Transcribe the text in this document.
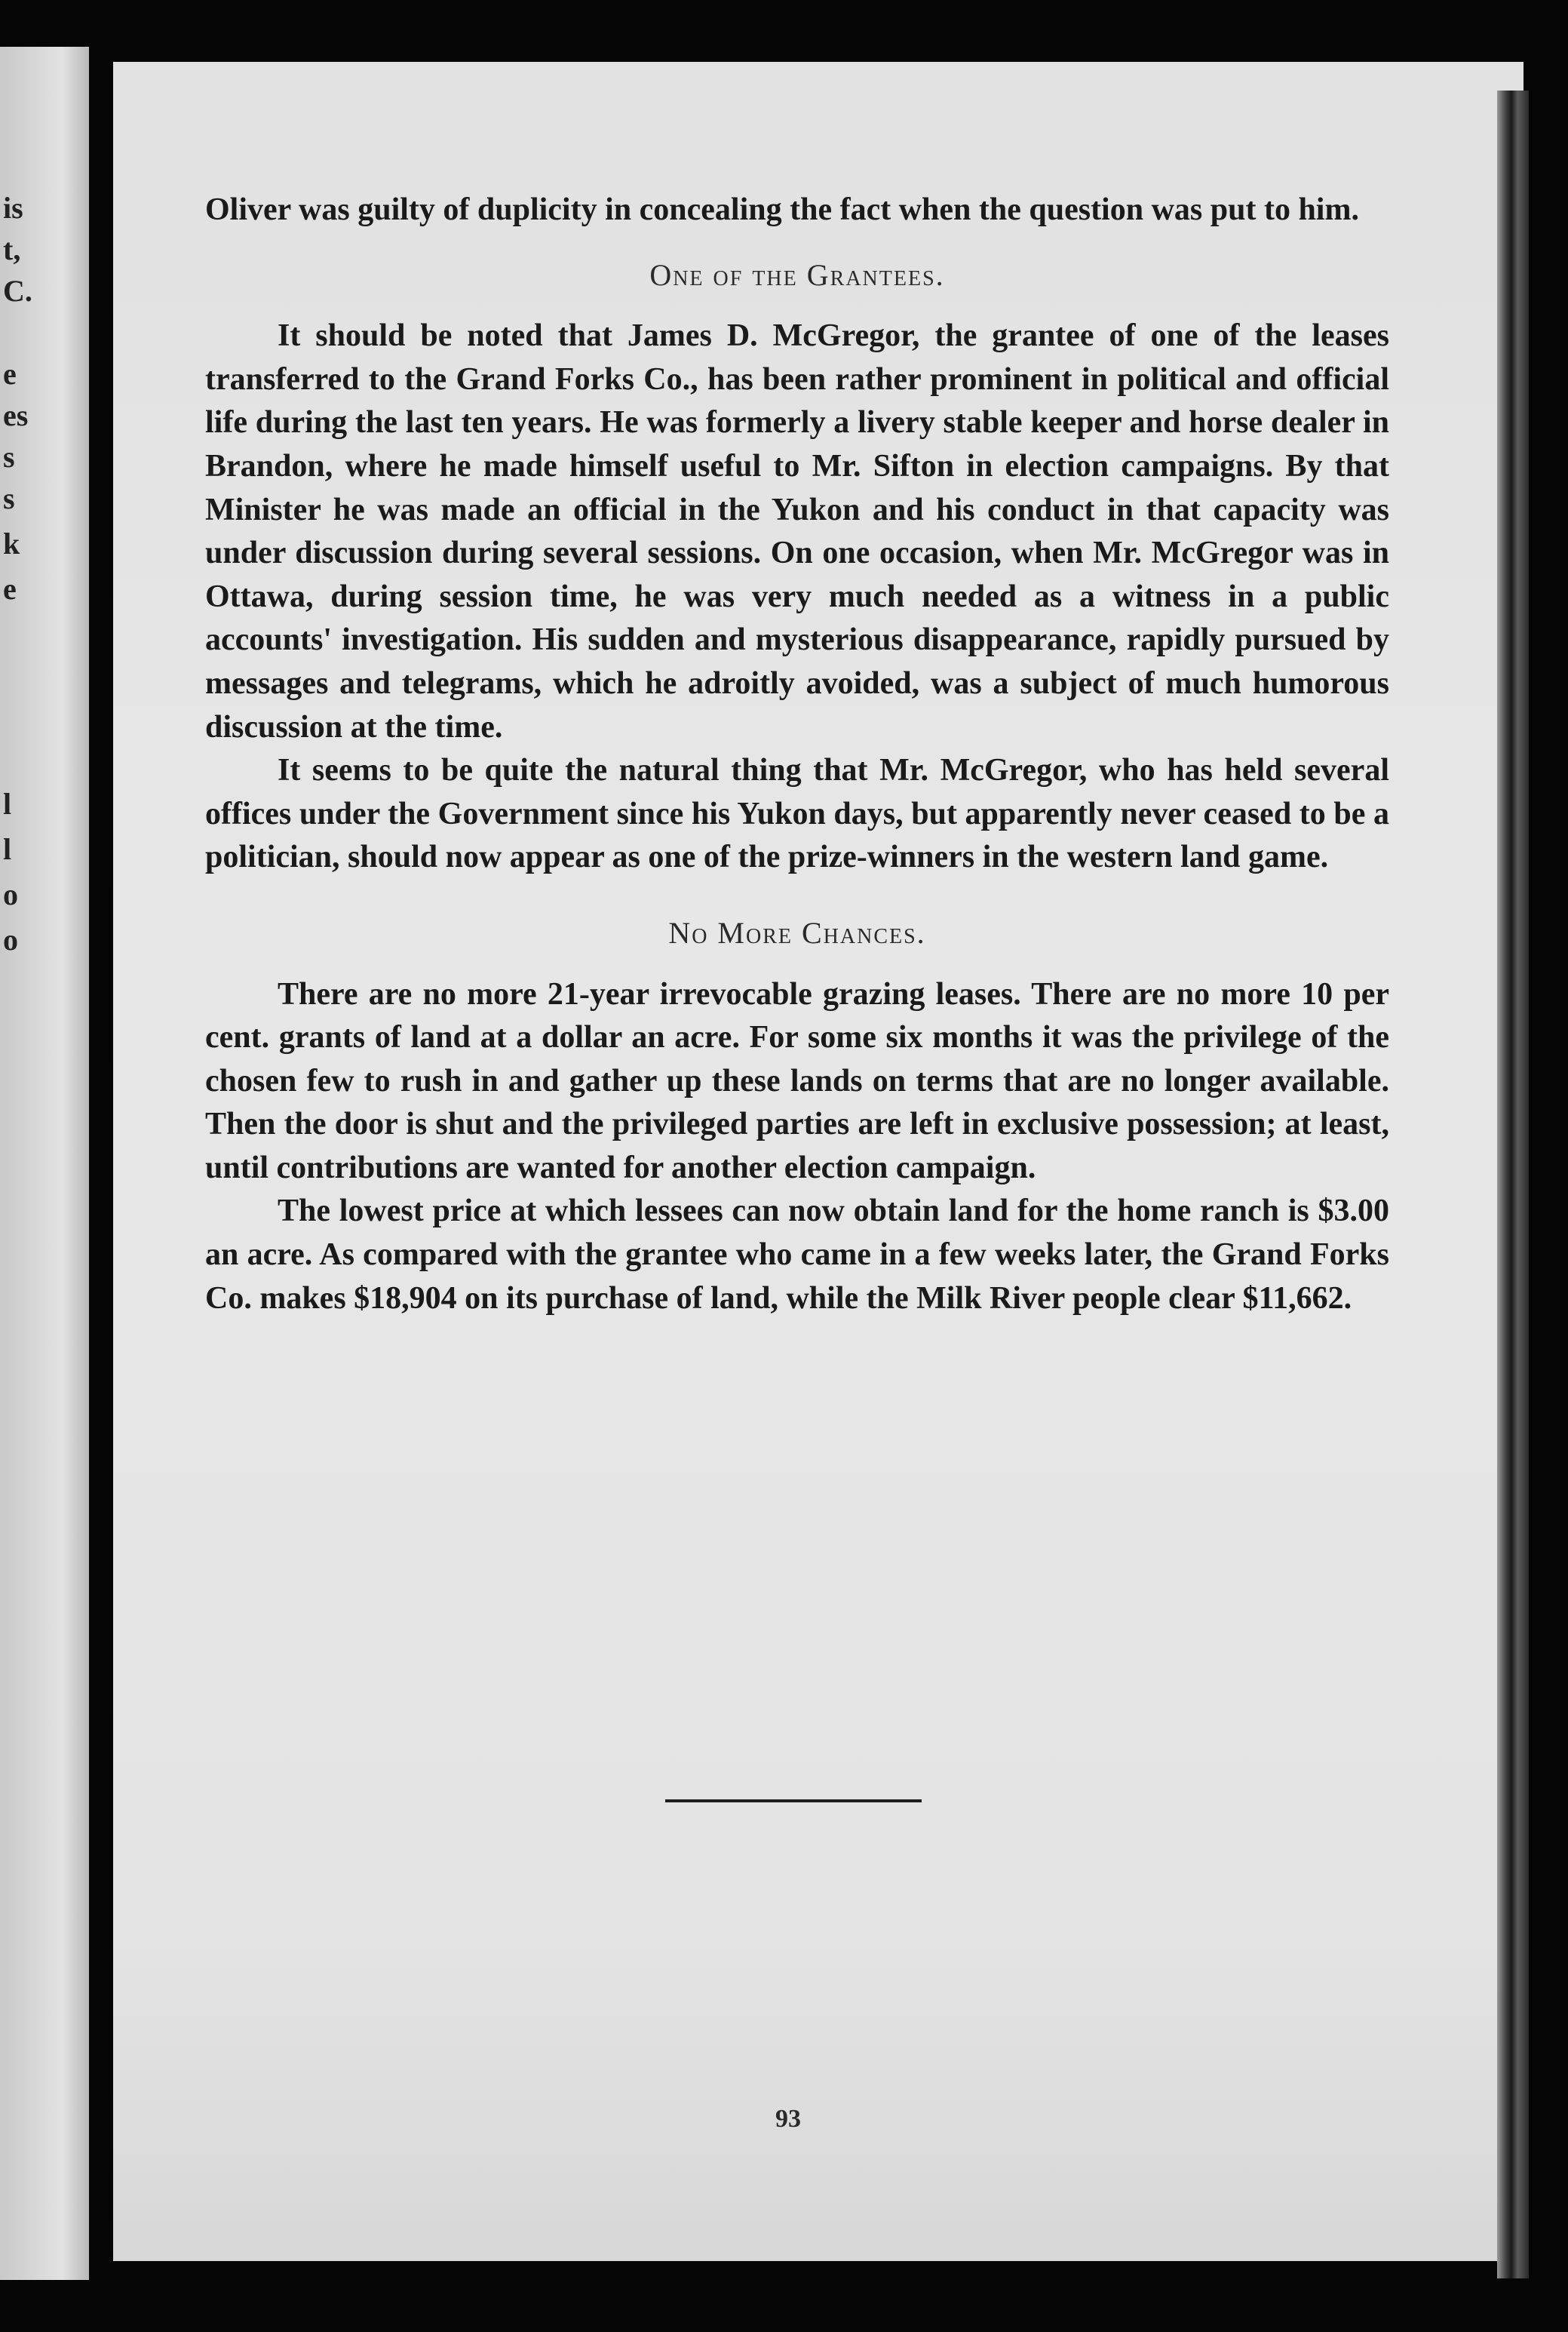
is
t,
C.
e
es
s
s
k
e
l
l
o
o

Oliver was guilty of duplicity in concealing the fact when the question was put to him.

One of the Grantees.

It should be noted that James D. McGregor, the grantee of one of the leases transferred to the Grand Forks Co., has been rather prominent in political and official life during the last ten years. He was formerly a livery stable keeper and horse dealer in Brandon, where he made himself useful to Mr. Sifton in election campaigns. By that Minister he was made an official in the Yukon and his conduct in that capacity was under discussion during several sessions. On one occasion, when Mr. McGregor was in Ottawa, during session time, he was very much needed as a witness in a public accounts' investigation. His sudden and mysterious disappearance, rapidly pursued by messages and telegrams, which he adroitly avoided, was a subject of much humorous discussion at the time.

It seems to be quite the natural thing that Mr. McGregor, who has held several offices under the Government since his Yukon days, but apparently never ceased to be a politician, should now appear as one of the prize-winners in the western land game.

No More Chances.

There are no more 21-year irrevocable grazing leases. There are no more 10 per cent. grants of land at a dollar an acre. For some six months it was the privilege of the chosen few to rush in and gather up these lands on terms that are no longer available. Then the door is shut and the privileged parties are left in exclusive possession; at least, until contributions are wanted for another election campaign.

The lowest price at which lessees can now obtain land for the home ranch is $3.00 an acre. As compared with the grantee who came in a few weeks later, the Grand Forks Co. makes $18,904 on its purchase of land, while the Milk River people clear $11,662.

93
